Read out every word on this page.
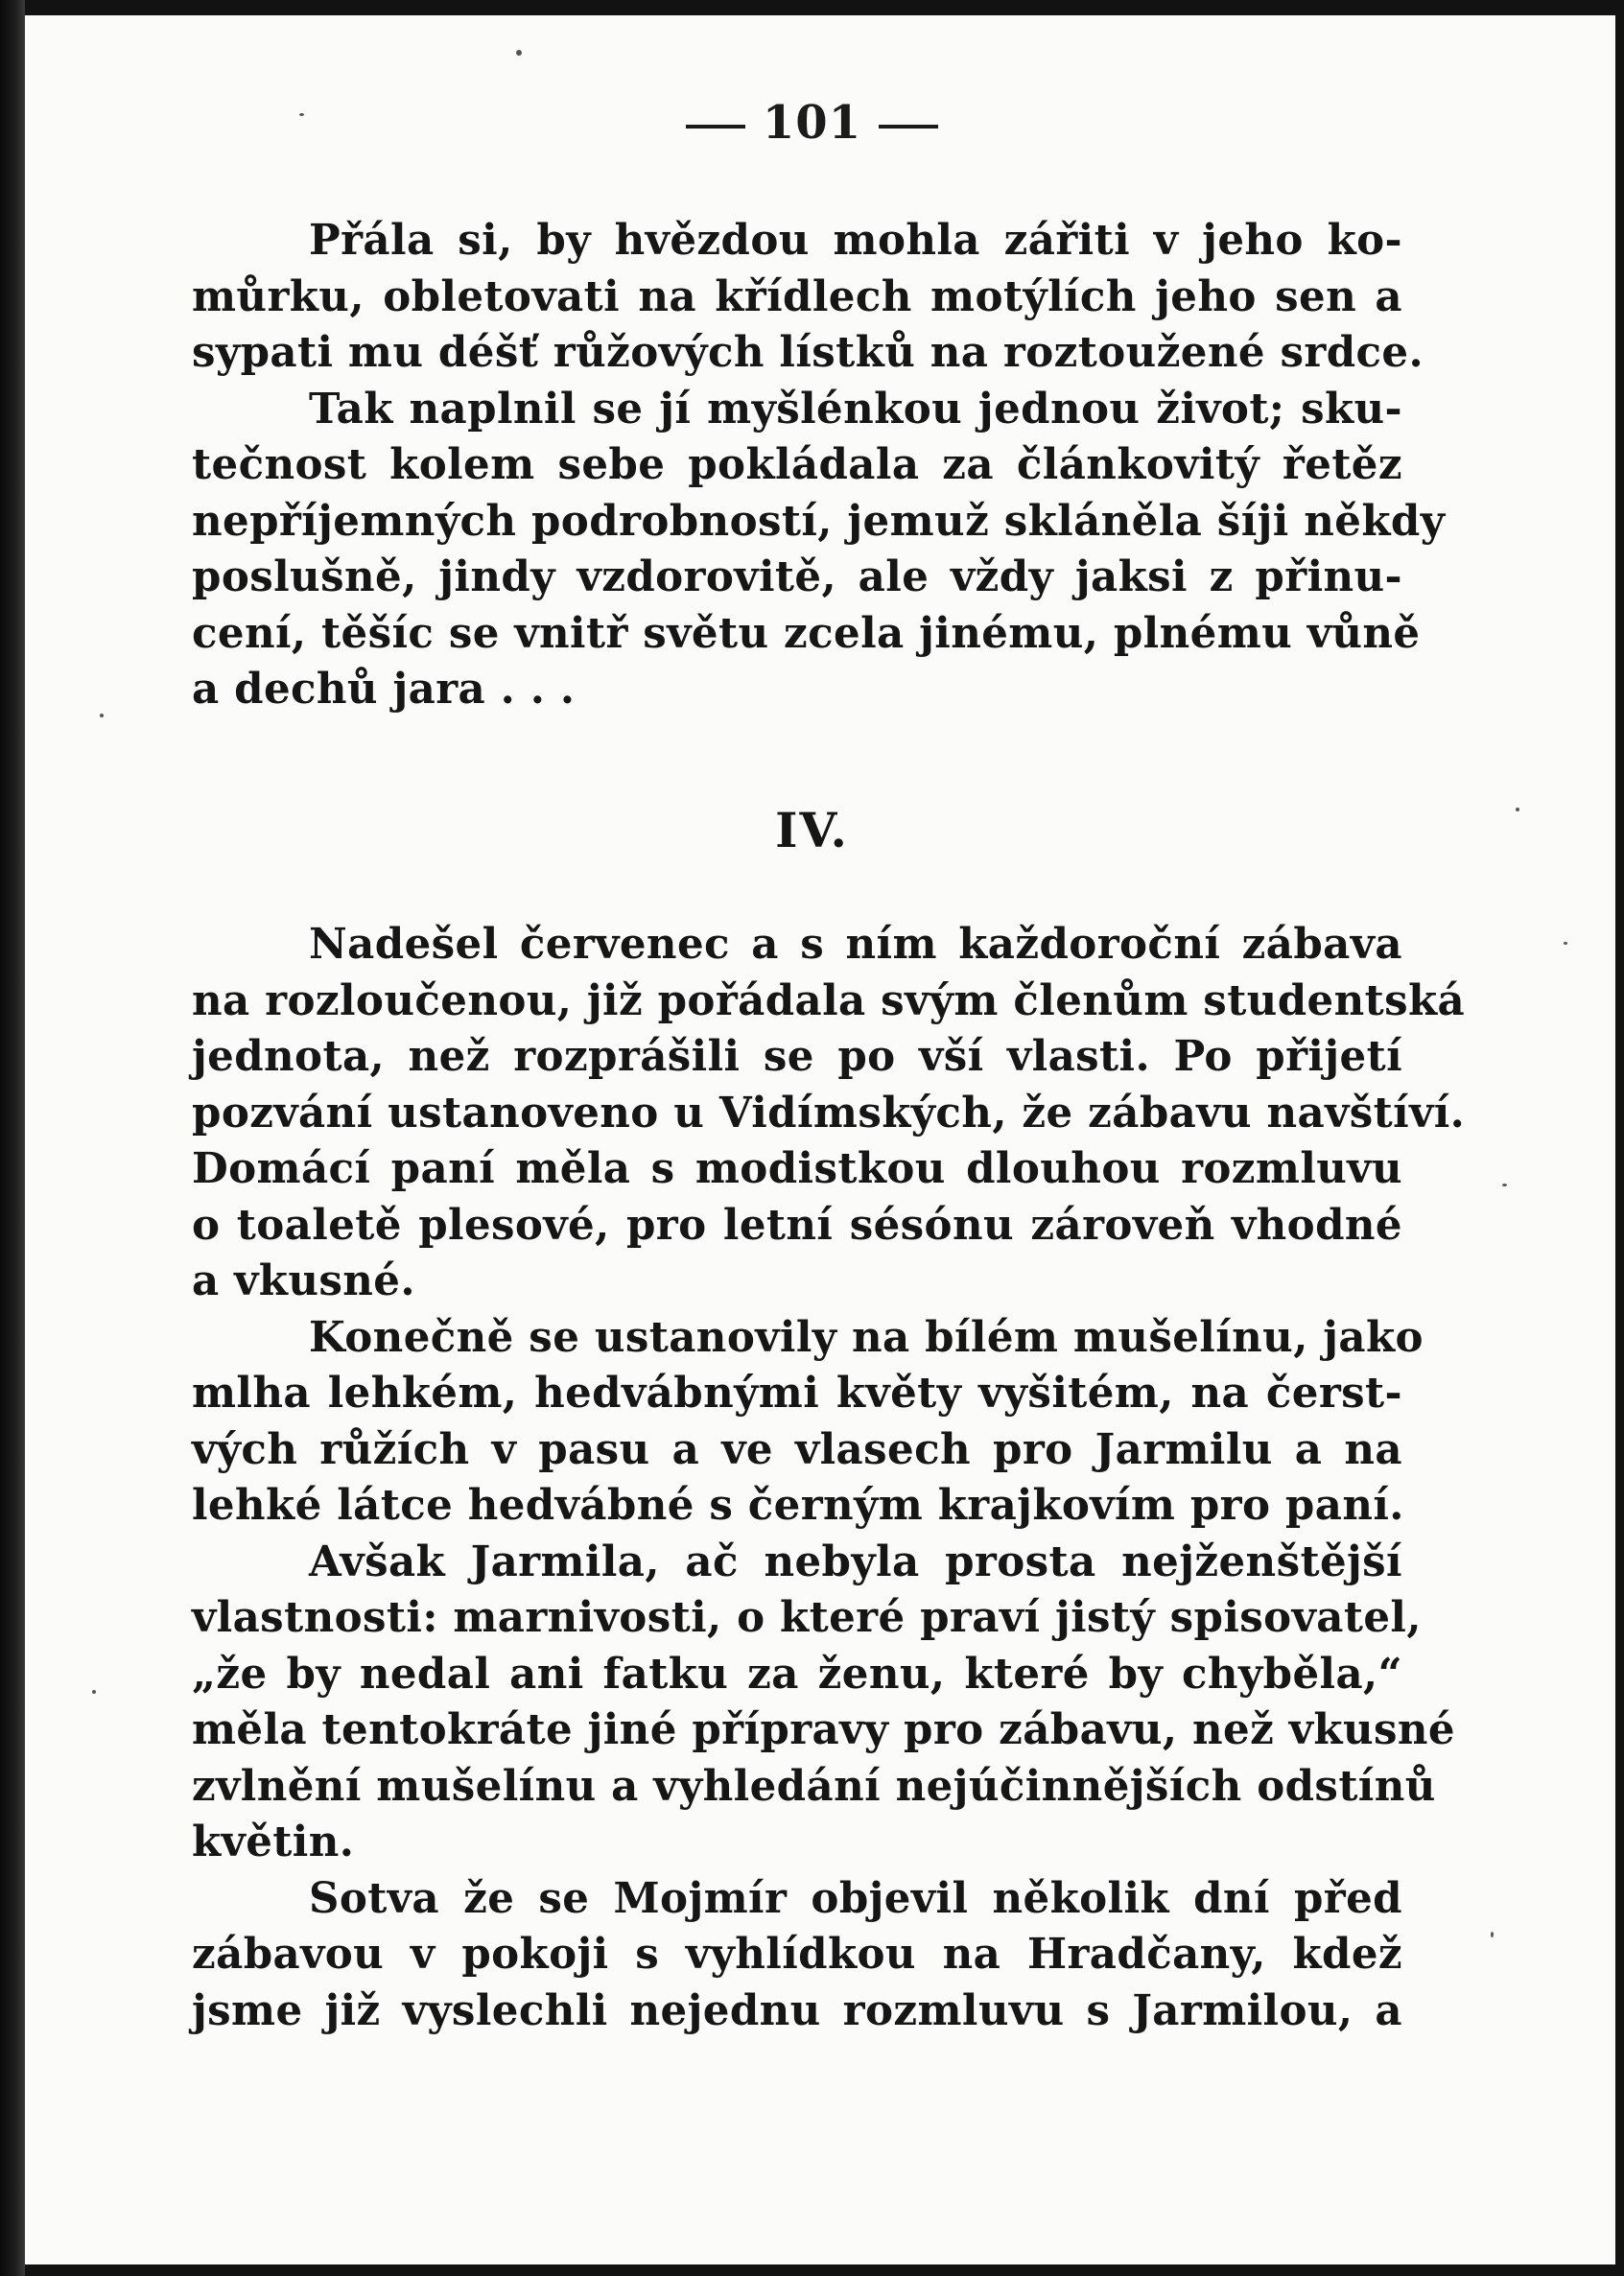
101
Přála si, by hvězdou mohla zářiti v jeho ko-
můrku, obletovati na křídlech motýlích jeho sen a
sypati mu déšť růžových lístků na roztoužené srdce.
Tak naplnil se jí myšlénkou jednou život; sku-
tečnost kolem sebe pokládala za článkovitý řetěz
nepříjemných podrobností, jemuž skláněla šíji někdy
poslušně, jindy vzdorovitě, ale vždy jaksi z přinu-
cení, těšíc se vnitř světu zcela jinému, plnému vůně
a dechů jara . . .
IV.
Nadešel červenec a s ním každoroční zábava
na rozloučenou, již pořádala svým členům studentská
jednota, než rozprášili se po vší vlasti. Po přijetí
pozvání ustanoveno u Vidímských, že zábavu navštíví.
Domácí paní měla s modistkou dlouhou rozmluvu
o toaletě plesové, pro letní sésónu zároveň vhodné
a vkusné.
Konečně se ustanovily na bílém mušelínu, jako
mlha lehkém, hedvábnými květy vyšitém, na čerst-
vých růžích v pasu a ve vlasech pro Jarmilu a na
lehké látce hedvábné s černým krajkovím pro paní.
Avšak Jarmila, ač nebyla prosta nejženštější
vlastnosti: marnivosti, o které praví jistý spisovatel,
„že by nedal ani fatku za ženu, které by chyběla,“
měla tentokráte jiné přípravy pro zábavu, než vkusné
zvlnění mušelínu a vyhledání nejúčinnějších odstínů
květin.
Sotva že se Mojmír objevil několik dní před
zábavou v pokoji s vyhlídkou na Hradčany, kdež
jsme již vyslechli nejednu rozmluvu s Jarmilou, a
